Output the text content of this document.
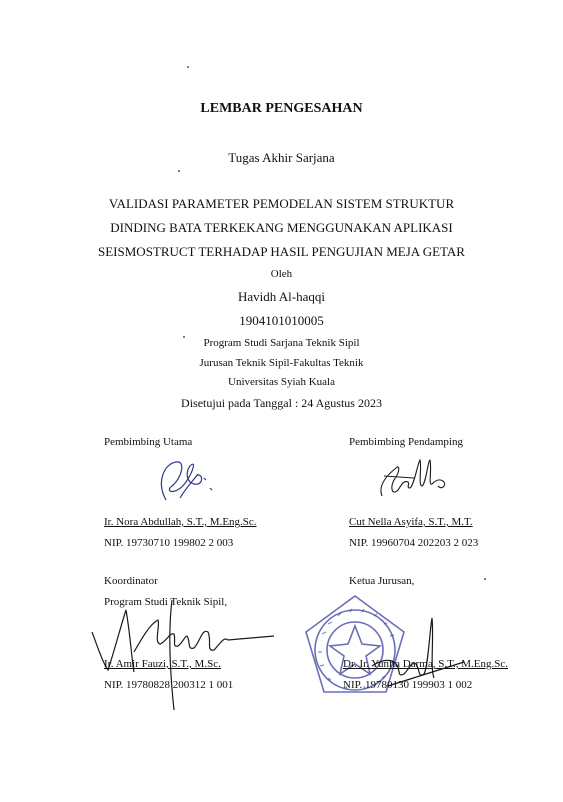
LEMBAR PENGESAHAN
Tugas Akhir Sarjana
VALIDASI PARAMETER PEMODELAN SISTEM STRUKTUR
DINDING BATA TERKEKANG MENGGUNAKAN APLIKASI
SEISMOSTRUCT TERHADAP HASIL PENGUJIAN MEJA GETAR
Oleh
Havidh Al-haqqi
1904101010005
Program Studi Sarjana Teknik Sipil
Jurusan Teknik Sipil-Fakultas Teknik
Universitas Syiah Kuala
Disetujui pada Tanggal : 24 Agustus 2023
Pembimbing Utama
Ir. Nora Abdullah, S.T., M.Eng.Sc.
NIP. 19730710 199802 2 003
Pembimbing Pendamping
Cut Nella Asyifa, S.T., M.T.
NIP. 19960704 202203 2 023
Koordinator
Program Studi Teknik Sipil,
Ir. Amir Fauzi, S.T., M.Sc.
NIP. 19780828 200312 1 001
Ketua Jurusan,
Dr. Ir. Yunita Darma, S.T., M.Eng.Sc.
NIP. 19780130 199903 1 002
